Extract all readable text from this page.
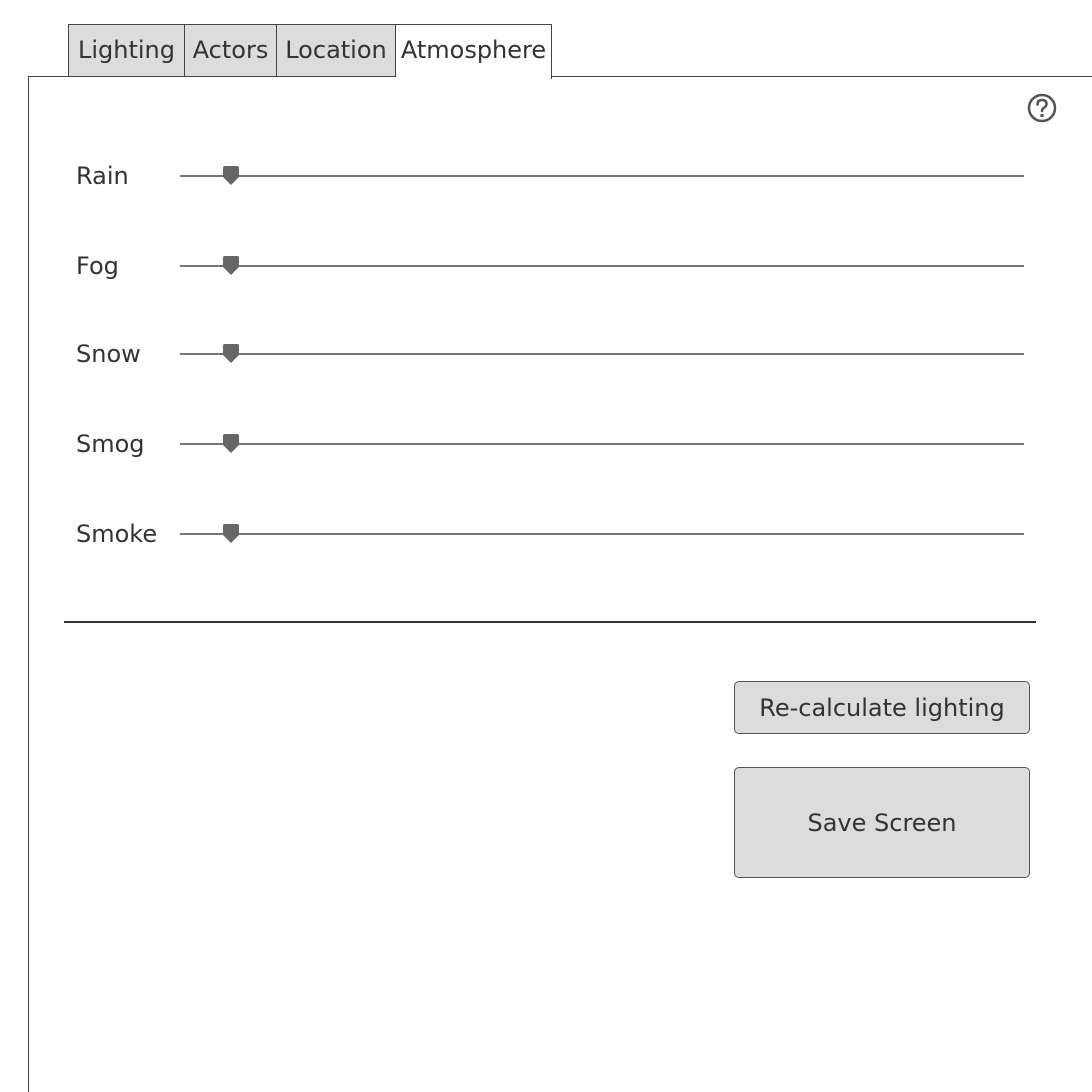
Lighting Actors Location Atmosphere
Rain
Fog
Snow
Smog
Smoke
Re-calculate lighting
Save Screen
